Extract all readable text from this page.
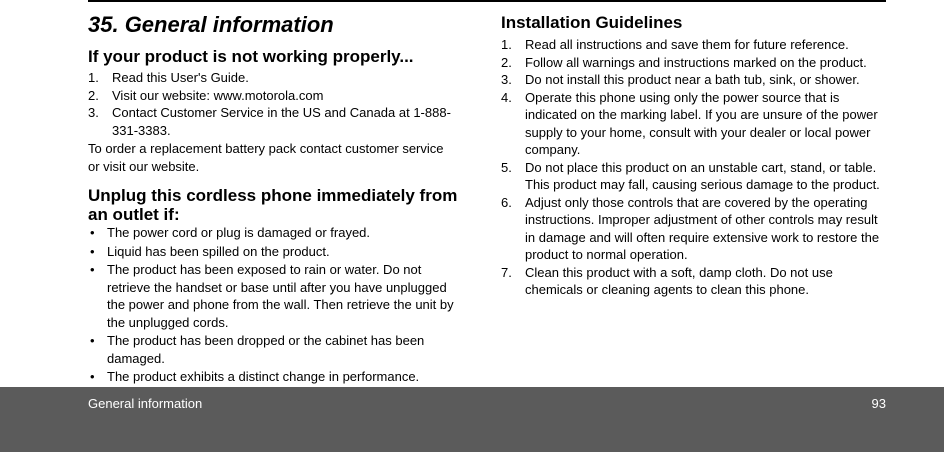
35. General information
If your product is not working properly...
1. Read this User's Guide.
2. Visit our website: www.motorola.com
3. Contact Customer Service in the US and Canada at 1-888-331-3383.

To order a replacement battery pack contact customer service or visit our website.

Unplug this cordless phone immediately from an outlet if:
• The power cord or plug is damaged or frayed.
• Liquid has been spilled on the product.
• The product has been exposed to rain or water. Do not retrieve the handset or base until after you have unplugged the power and phone from the wall. Then retrieve the unit by the unplugged cords.
• The product has been dropped or the cabinet has been damaged.
• The product exhibits a distinct change in performance.
Installation Guidelines
1. Read all instructions and save them for future reference.
2. Follow all warnings and instructions marked on the product.
3. Do not install this product near a bath tub, sink, or shower.
4. Operate this phone using only the power source that is indicated on the marking label. If you are unsure of the power supply to your home, consult with your dealer or local power company.
5. Do not place this product on an unstable cart, stand, or table. This product may fall, causing serious damage to the product.
6. Adjust only those controls that are covered by the operating instructions. Improper adjustment of other controls may result in damage and will often require extensive work to restore the product to normal operation.
7. Clean this product with a soft, damp cloth. Do not use chemicals or cleaning agents to clean this phone.
General information	93
